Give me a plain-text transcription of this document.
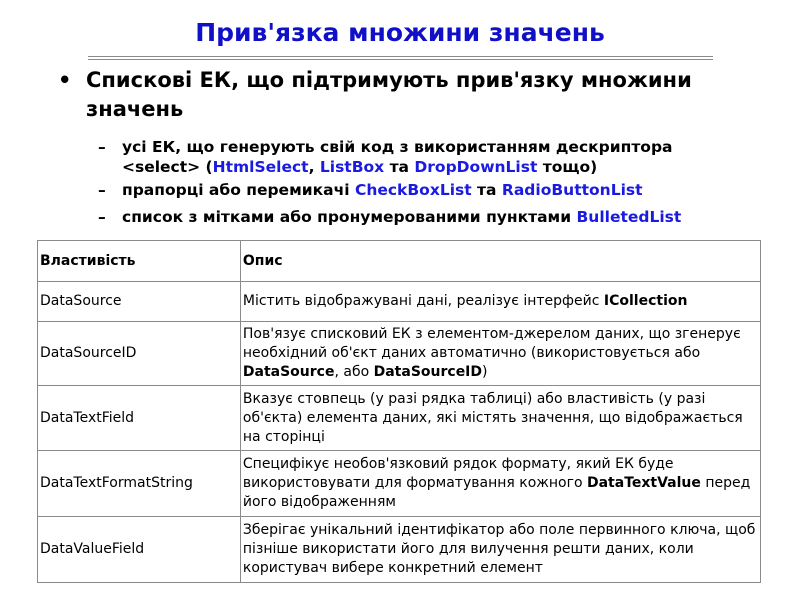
Прив'язка множини значень
• Спискові ЕК, що підтримують прив'язку множини значень
– усі ЕК, що генерують свій код з використанням дескриптора
<select> (HtmlSelect, ListBox та DropDownList тощо)
– прапорці або перемикачі CheckBoxList та RadioButtonList
– список з мітками або пронумерованими пунктами BulletedList
Властивість	Опис
DataSource	Містить відображувані дані, реалізує інтерфейс ICollection
DataSourceID	Пов'язує списковий ЕК з елементом-джерелом даних, що згенерує необхідний об'єкт даних автоматично (використовується або DataSource, або DataSourceID)
DataTextField	Вказує стовпець (у разі рядка таблиці) або властивість (у разі об'єкта) елемента даних, які містять значення, що відображається на сторінці
DataTextFormatString	Специфікує необов'язковий рядок формату, який ЕК буде використовувати для форматування кожного DataTextValue перед його відображенням
DataValueField	Зберігає унікальний ідентифікатор або поле первинного ключа, щоб пізніше використати його для вилучення решти даних, коли користувач вибере конкретний елемент
